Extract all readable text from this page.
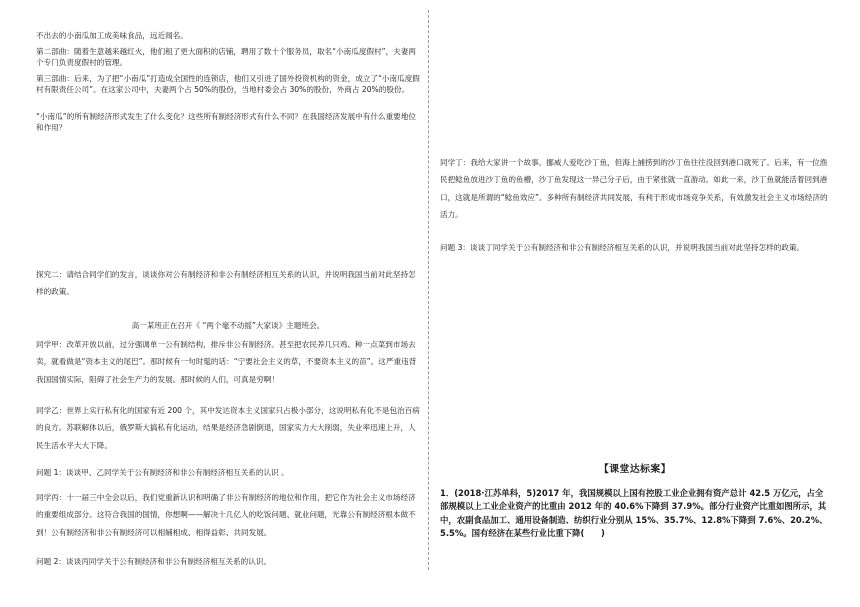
不出去的小南瓜加工成美味食品，远近闻名。

第二部曲：随着生意越来越红火，他们租了更大面积的店铺，聘用了数十个服务员，取名“小南瓜度假村”，夫妻两个专门负责度假村的管理。

第三部曲：后来，为了把“小南瓜”打造成全国性的连锁店，他们又引进了国外投资机构的资金，成立了“小南瓜度假村有限责任公司”。在这家公司中，夫妻两个占 50%的股份，当地村委会占 30%的股份，外商占 20%的股份。

“小南瓜”的所有制经济形式发生了什么变化？这些所有制经济形式有什么不同？在我国经济发展中有什么重要地位和作用？

探究二：请结合同学们的发言，谈谈你对公有制经济和非公有制经济相互关系的认识，并说明我国当前对此坚持怎样的政策。

高一某班正在召开《 “两个毫不动摇”大家谈》主题班会。

同学甲：改革开放以前，过分强调单一公有制结构，排斥非公有制经济。甚至把农民养几只鸡、种一点菜到市场去卖，就看做是“资本主义的尾巴”。那时候有一句时髦的话：“宁要社会主义的草，不要资本主义的苗”。这严重违背我国国情实际，阻碍了社会生产力的发展。那时候的人们，可真是穷啊！

同学乙：世界上实行私有化的国家有近 200 个，其中发达资本主义国家只占极小部分，这说明私有化不是包治百病的良方。苏联解体以后，俄罗斯大搞私有化运动，结果是经济急剧倒退，国家实力大大削弱，失业率迅速上升，人民生活水平大大下降。

问题 1：谈谈甲、乙同学关于公有制经济和非公有制经济相互关系的认识 。

同学丙：十一届三中全会以后，我们党重新认识和明确了非公有制经济的地位和作用，把它作为社会主义市场经济的重要组成部分。这符合我国的国情，你想啊——解决十几亿人的吃饭问题、就业问题，光靠公有制经济根本做不到！公有制经济和非公有制经济可以相辅相成、相得益彰、共同发展。

问题 2：谈谈丙同学关于公有制经济和非公有制经济相互关系的认识。

同学丁：我给大家讲一个故事。挪威人爱吃沙丁鱼，但海上捕捞到的沙丁鱼往往没回到港口就死了。后来，有一位渔民把鲶鱼放进沙丁鱼的鱼槽，沙丁鱼发现这一异己分子后，由于紧张就一直游动。如此一来，沙丁鱼就能活着回到港口，这就是所谓的“鲶鱼效应”。多种所有制经济共同发展，有利于形成市场竞争关系，有效激发社会主义市场经济的活力。

问题 3：谈谈丁同学关于公有制经济和非公有制经济相互关系的认识，并说明我国当前对此坚持怎样的政策。

【课堂达标案】

1．(2018·江苏单科，5)2017 年，我国规模以上国有控股工业企业拥有资产总计 42.5 万亿元，占全部规模以上工业企业资产的比重由 2012 年的 40.6%下降到 37.9%。部分行业资产比重如图所示，其中，农副食品加工、通用设备制造、纺织行业分别从 15%、35.7%、12.8%下降到 7.6%、20.2%、5.5%。国有经济在某些行业比重下降(　　)
